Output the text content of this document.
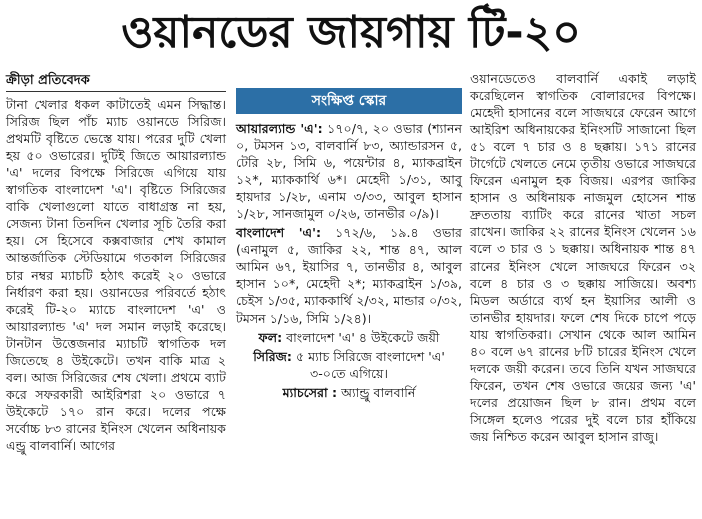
ওয়ানডের জায়গায় টি-২০
ক্রীড়া প্রতিবেদক

টানা খেলার ধকল কাটাতেই এমন সিদ্ধান্ত। সিরিজ ছিল পাঁচ ম্যাচ ওয়ানডে সিরিজ। প্রথমটি বৃষ্টিতে ভেস্তে যায়। পরের দুটি খেলা হয় ৫০ ওভারের। দুটিই জিতে আয়ারল্যান্ড 'এ' দলের বিপক্ষে সিরিজে এগিয়ে যায় স্বাগতিক বাংলাদেশ 'এ'। বৃষ্টিতে সিরিজের বাকি খেলাগুলো যাতে বাধাগ্রস্ত না হয়, সেজন্য টানা তিনদিন খেলার সূচি তৈরি করা হয়। সে হিসেবে কক্সবাজার শেখ কামাল আন্তর্জাতিক স্টেডিয়ামে গতকাল সিরিজের চার নম্বর ম্যাচটি হঠাৎ করেই ২০ ওভারে নির্ধারণ করা হয়। ওয়ানডের পরিবর্তে হঠাৎ করেই টি-২০ ম্যাচে বাংলাদেশ 'এ' ও আয়ারল্যান্ড 'এ' দল সমান লড়াই করেছে। টানটান উত্তেজনার ম্যাচটি স্বাগতিক দল জিতেছে ৪ উইকেটে। তখন বাকি মাত্র ২ বল। আজ সিরিজের শেষ খেলা। প্রথমে ব্যাট করে সফরকারী আইরিশরা ২০ ওভারে ৭ উইকেটে ১৭০ রান করে। দলের পক্ষে সর্বোচ্চ ৮৩ রানের ইনিংস খেলেন অধিনায়ক এন্ড্রু বালবার্নি। আগের

সংক্ষিপ্ত স্কোর

আয়ারল্যান্ড 'এ': ১৭০/৭, ২০ ওভার (শ্যানন ০, টমসন ১৩, বালবার্নি ৮৩, অ্যান্ডারসন ৫, টেরি ২৮, সিমি ৬, পয়েন্টার ৪, ম্যাকব্রাইন ১২*, ম্যাককার্থি ৬*। মেহেদী ১/৩১, আবু হায়দার ১/২৮, এনাম ৩/৩৩, আবুল হাসান ১/২৮, সানজামুল ০/২৬, তানভীর ০/৯)।

বাংলাদেশ 'এ': ১৭২/৬, ১৯.৪ ওভার (এনামুল ৫, জাকির ২২, শান্ত ৪৭, আল আমিন ৬৭, ইয়াসির ৭, তানভীর ৪, আবুল হাসান ১০*, মেহেদী ২*; ম্যাকব্রাইন ১/৩৯, চেইস ১/৩৫, ম্যাককার্থি ২/৩২, মান্ডার ০/৩২, টমসন ১/১৬, সিমি ১/২৪)।

ফল: বাংলাদেশ 'এ' ৪ উইকেটে জয়ী

সিরিজ: ৫ ম্যাচ সিরিজে বাংলাদেশ 'এ' ৩-০তে এগিয়ে।

ম্যাচসেরা : অ্যান্ড্রু বালবার্নি

ওয়ানডেতেও বালবার্নি একাই লড়াই করেছিলেন স্বাগতিক বোলারদের বিপক্ষে। মেহেদী হাসানের বলে সাজঘরে ফেরেন আগে আইরিশ অধিনায়কের ইনিংসটি সাজানো ছিল ৫১ বলে ৭ চার ও ৪ ছক্কায়। ১৭১ রানের টার্গেটে খেলতে নেমে তৃতীয় ওভারে সাজঘরে ফিরেন এনামুল হক বিজয়। এরপর জাকির হাসান ও অধিনায়ক নাজমুল হোসেন শান্ত দ্রুততায় ব্যাটিং করে রানের খাতা সচল রাখেন। জাকির ২২ রানের ইনিংস খেলেন ১৬ বলে ৩ চার ও ১ ছক্কায়। অধিনায়ক শান্ত ৪৭ রানের ইনিংস খেলে সাজঘরে ফিরেন ৩২ বলে ৪ চার ও ৩ ছক্কায় সাজিয়ে। অবশ্য মিডল অর্ডারে ব্যর্থ হন ইয়াসির আলী ও তানভীর হায়দার। ফলে শেষ দিকে চাপে পড়ে যায় স্বাগতিকরা। সেখান থেকে আল আমিন ৪০ বলে ৬৭ রানের ৮টি চারের ইনিংস খেলে দলকে জয়ী করেন। তবে তিনি যখন সাজঘরে ফিরেন, তখন শেষ ওভারে জয়ের জন্য 'এ' দলের প্রয়োজন ছিল ৮ রান। প্রথম বলে সিঙ্গেল হলেও পরের দুই বলে চার হাঁকিয়ে জয় নিশ্চিত করেন আবুল হাসান রাজু।
